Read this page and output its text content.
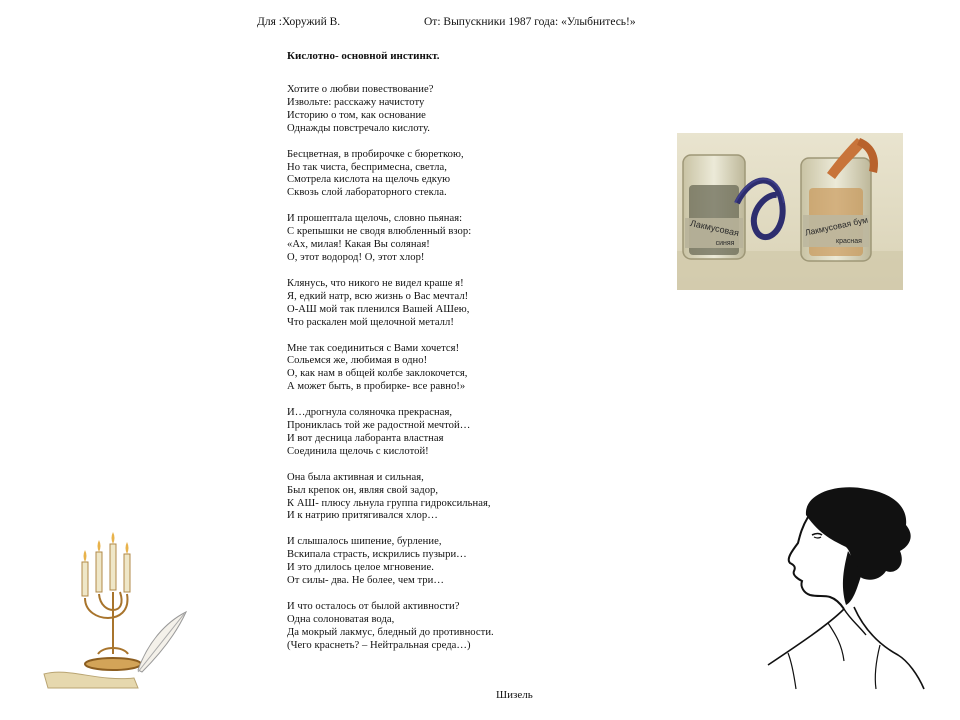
Для :Хоружий В.	От: Выпускники 1987 года: «Улыбнитесь!»
Кислотно- основной инстинкт.
Хотите о любви повествование?
Извольте: расскажу начистоту
Историю о том, как основание
Однажды повстречало кислоту.
Бесцветная, в пробирочке с бюреткою,
Но так чиста, беспримесна, светла,
Смотрела кислота на щелочь едкую
Сквозь слой лабораторного стекла.
И прошептала щелочь, словно пьяная:
С крепышки не сводя влюбленный взор:
«Ах, милая! Какая Вы соляная!
О, этот водород! О, этот хлор!
Клянусь, что никого не видел краше я!
Я, едкий натр, всю жизнь о Вас мечтал!
О-АШ мой так пленился Вашей АШею,
Что раскален мой щелочной металл!
Мне так соединиться с Вами хочется!
Сольемся же, любимая в одно!
О, как нам в общей колбе заклокочется,
А может быть, в пробирке- все равно!»
И…дрогнула соляночка прекрасная,
Прониклась той же радостной мечтой…
И вот десница лаборанта властная
Соединила щелочь с кислотой!
Она была активная и сильная,
Был крепок он, являя свой задор,
К АШ- плюсу льнула группа гидроксильная,
И к натрию притягивался хлор…
И слышалось шипение, бурление,
Вскипала страсть, искрились пузыри…
И это длилось целое мгновение.
От силы- два. Не более, чем три…
И что осталось от былой активности?
Одна солоноватая вода,
Да мокрый лакмус, бледный до противности.
(Чего краснеть? – Нейтральная среда…)
Шизель
Лакмусовая
синяя
Лакмусовая бум
красная
